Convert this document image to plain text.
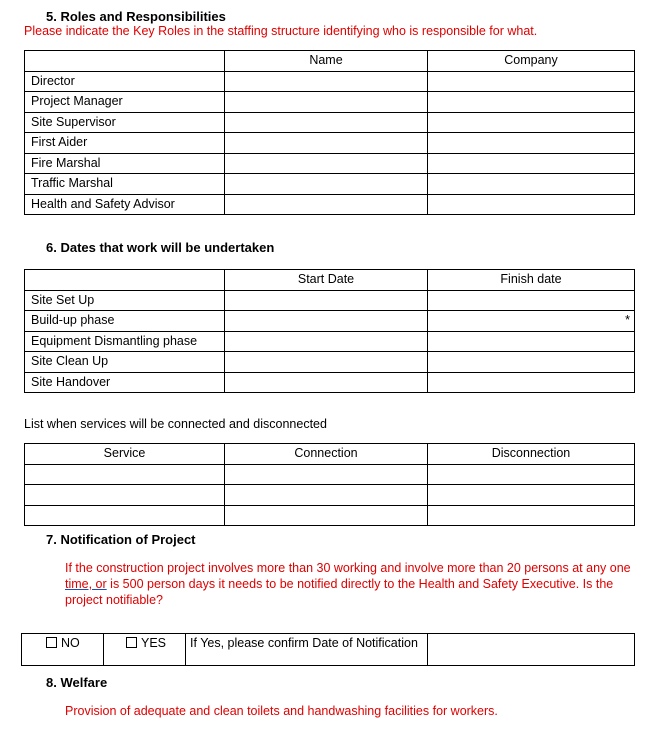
5. Roles and Responsibilities
Please indicate the Key Roles in the staffing structure identifying who is responsible for what.
	Name	Company
Director		
Project Manager		
Site Supervisor		
First Aider		
Fire Marshal		
Traffic Marshal		
Health and Safety Advisor		
6. Dates that work will be undertaken
	Start Date	Finish date
Site Set Up		
Build-up phase		*
Equipment Dismantling phase		
Site Clean Up		
Site Handover		
List when services will be connected and disconnected
Service	Connection	Disconnection

7. Notification of Project
If the construction project involves more than 30 working and involve more than 20 persons at any one time, or is 500 person days it needs to be notified directly to the Health and Safety Executive. Is the project notifiable?
NO	YES	If Yes, please confirm Date of Notification	
8. Welfare
Provision of adequate and clean toilets and handwashing facilities for workers.
